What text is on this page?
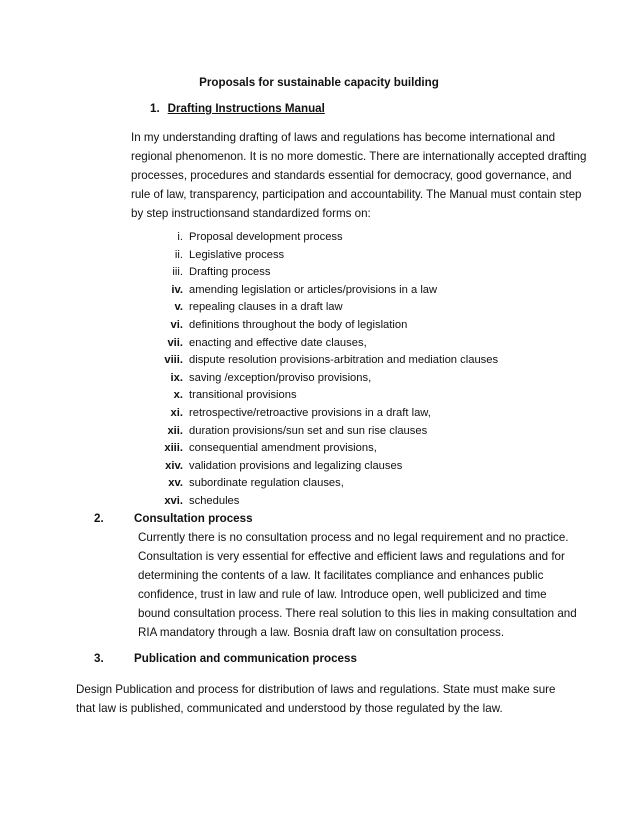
Proposals for sustainable capacity building
1. Drafting Instructions Manual

In my understanding drafting of laws and regulations has become international and regional phenomenon. It is no more domestic. There are internationally accepted drafting processes, procedures and standards essential for democracy, good governance, and rule of law, transparency, participation and accountability. The Manual must contain step by step instructionsand standardized forms on:

i. Proposal development process
ii. Legislative process
iii. Drafting process
iv. amending legislation or articles/provisions in a law
v. repealing clauses in a draft law
vi. definitions throughout the body of legislation
vii. enacting and effective date clauses,
viii. dispute resolution provisions-arbitration and mediation clauses
ix. saving /exception/proviso provisions,
x. transitional provisions
xi. retrospective/retroactive provisions in a draft law,
xii. duration provisions/sun set and sun rise clauses
xiii. consequential amendment provisions,
xiv. validation provisions and legalizing clauses
xv. subordinate regulation clauses,
xvi. schedules
2.	Consultation process

Currently there is no consultation process and no legal requirement and no practice. Consultation is very essential for effective and efficient laws and regulations and for determining the contents of a law. It facilitates compliance and enhances public confidence, trust in law and rule of law. Introduce open, well publicized and time bound consultation process. There real solution to this lies in making consultation and RIA mandatory through a law. Bosnia draft law on consultation process.

3.	Publication and communication process

Design Publication and process for distribution of laws and regulations. State must make sure that law is published, communicated and understood by those regulated by the law.
